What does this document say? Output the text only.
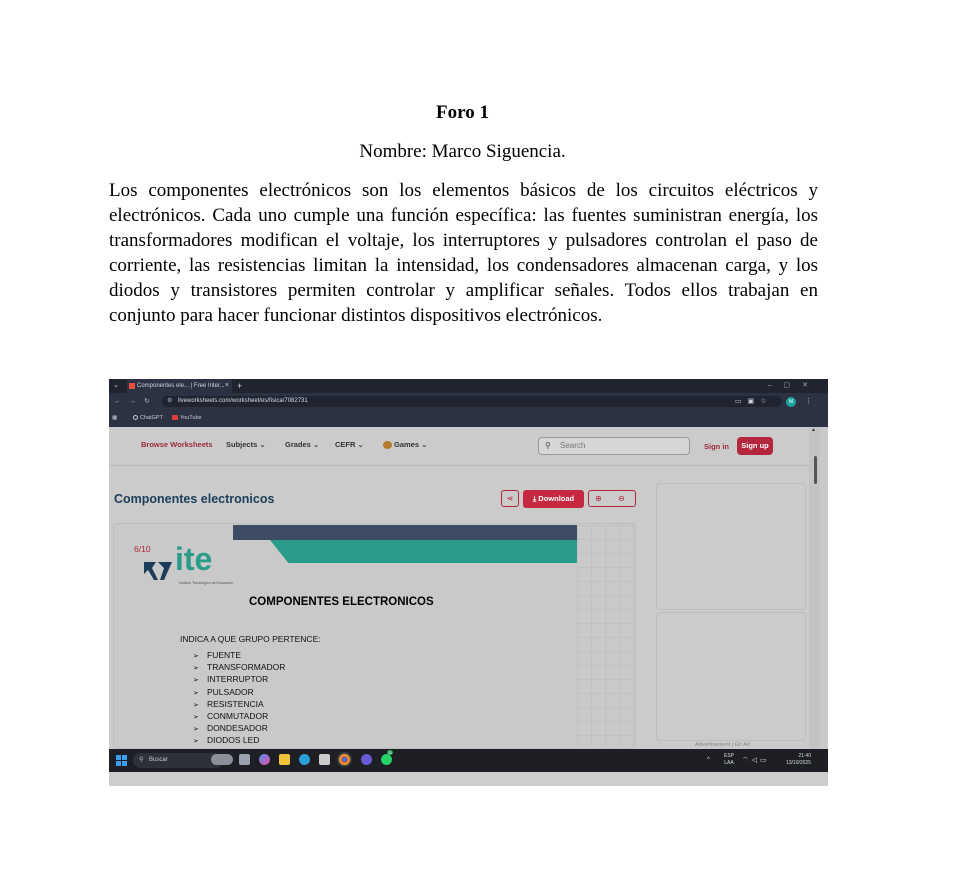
Foro 1
Nombre: Marco Siguencia.

Los componentes electrónicos son los elementos básicos de los circuitos eléctricos y electrónicos. Cada uno cumple una función específica: las fuentes suministran energía, los transformadores modifican el voltaje, los interruptores y pulsadores controlan el paso de corriente, las resistencias limitan la intensidad, los condensadores almacenan carga, y los diodos y transistores permiten controlar y amplificar señales. Todos ellos trabajan en conjunto para hacer funcionar distintos dispositivos electrónicos.

⌄	Componentes ele... | Free Inter... × +	–▢✕
←→↻ ⚙ liveworksheets.com/worksheet/es/fisica/7082731	▭▣☆	M	⋮
▦	ChatGPT	YouTube
▲
Browse Worksheets Subjects ⌄	Grades ⌄ CEFR ⌄	Games ⌄	⚲ Search	Sign in	Sign up
Componentes electronicos	⋖	⤓ Download	⊕ ⊖
Advertisement | Go Ad
6/10 ite
Instituto Tecnológico de Educación
COMPONENTES ELECTRONICOS
INDICA A QUE GRUPO PERTENCE:
➢ FUENTE
➢ TRANSFORMADOR
➢ INTERRUPTOR
➢ PULSADOR
➢ RESISTENCIA
➢ CONMUTADOR
➢ DONDESADOR
➢ DIODOS LED
⚲ Buscar
11
^
ESP
LAA ⌔◁▭
21:40
13/10/2025
